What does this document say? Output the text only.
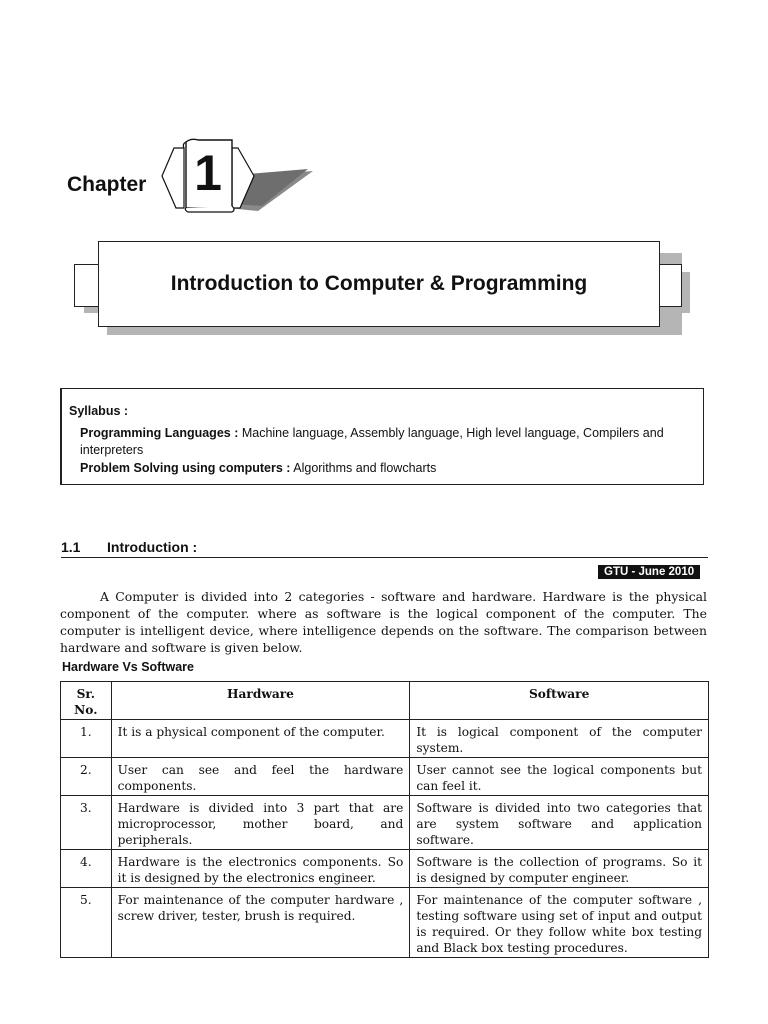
Chapter 1
Introduction to Computer & Programming
Syllabus :
Programming Languages : Machine language, Assembly language, High level language, Compilers and interpreters
Problem Solving using computers : Algorithms and flowcharts
1.1 Introduction :
GTU - June 2010

A Computer is divided into 2 categories - software and hardware. Hardware is the physical component of the computer. where as software is the logical component of the computer. The computer is intelligent device, where intelligence depends on the software. The comparison between hardware and software is given below.

Hardware Vs Software
Sr. No.	Hardware	Software
1.	It is a physical component of the computer.	It is logical component of the computer system.
2.	User can see and feel the hardware components.	User cannot see the logical components but can feel it.
3.	Hardware is divided into 3 part that are microprocessor, mother board, and peripherals.	Software is divided into two categories that are system software and application software.
4.	Hardware is the electronics components. So it is designed by the electronics engineer.	Software is the collection of programs. So it is designed by computer engineer.
5.	For maintenance of the computer hardware , screw driver, tester, brush is required.	For maintenance of the computer software , testing software using set of input and output is required. Or they follow white box testing and Black box testing procedures.
